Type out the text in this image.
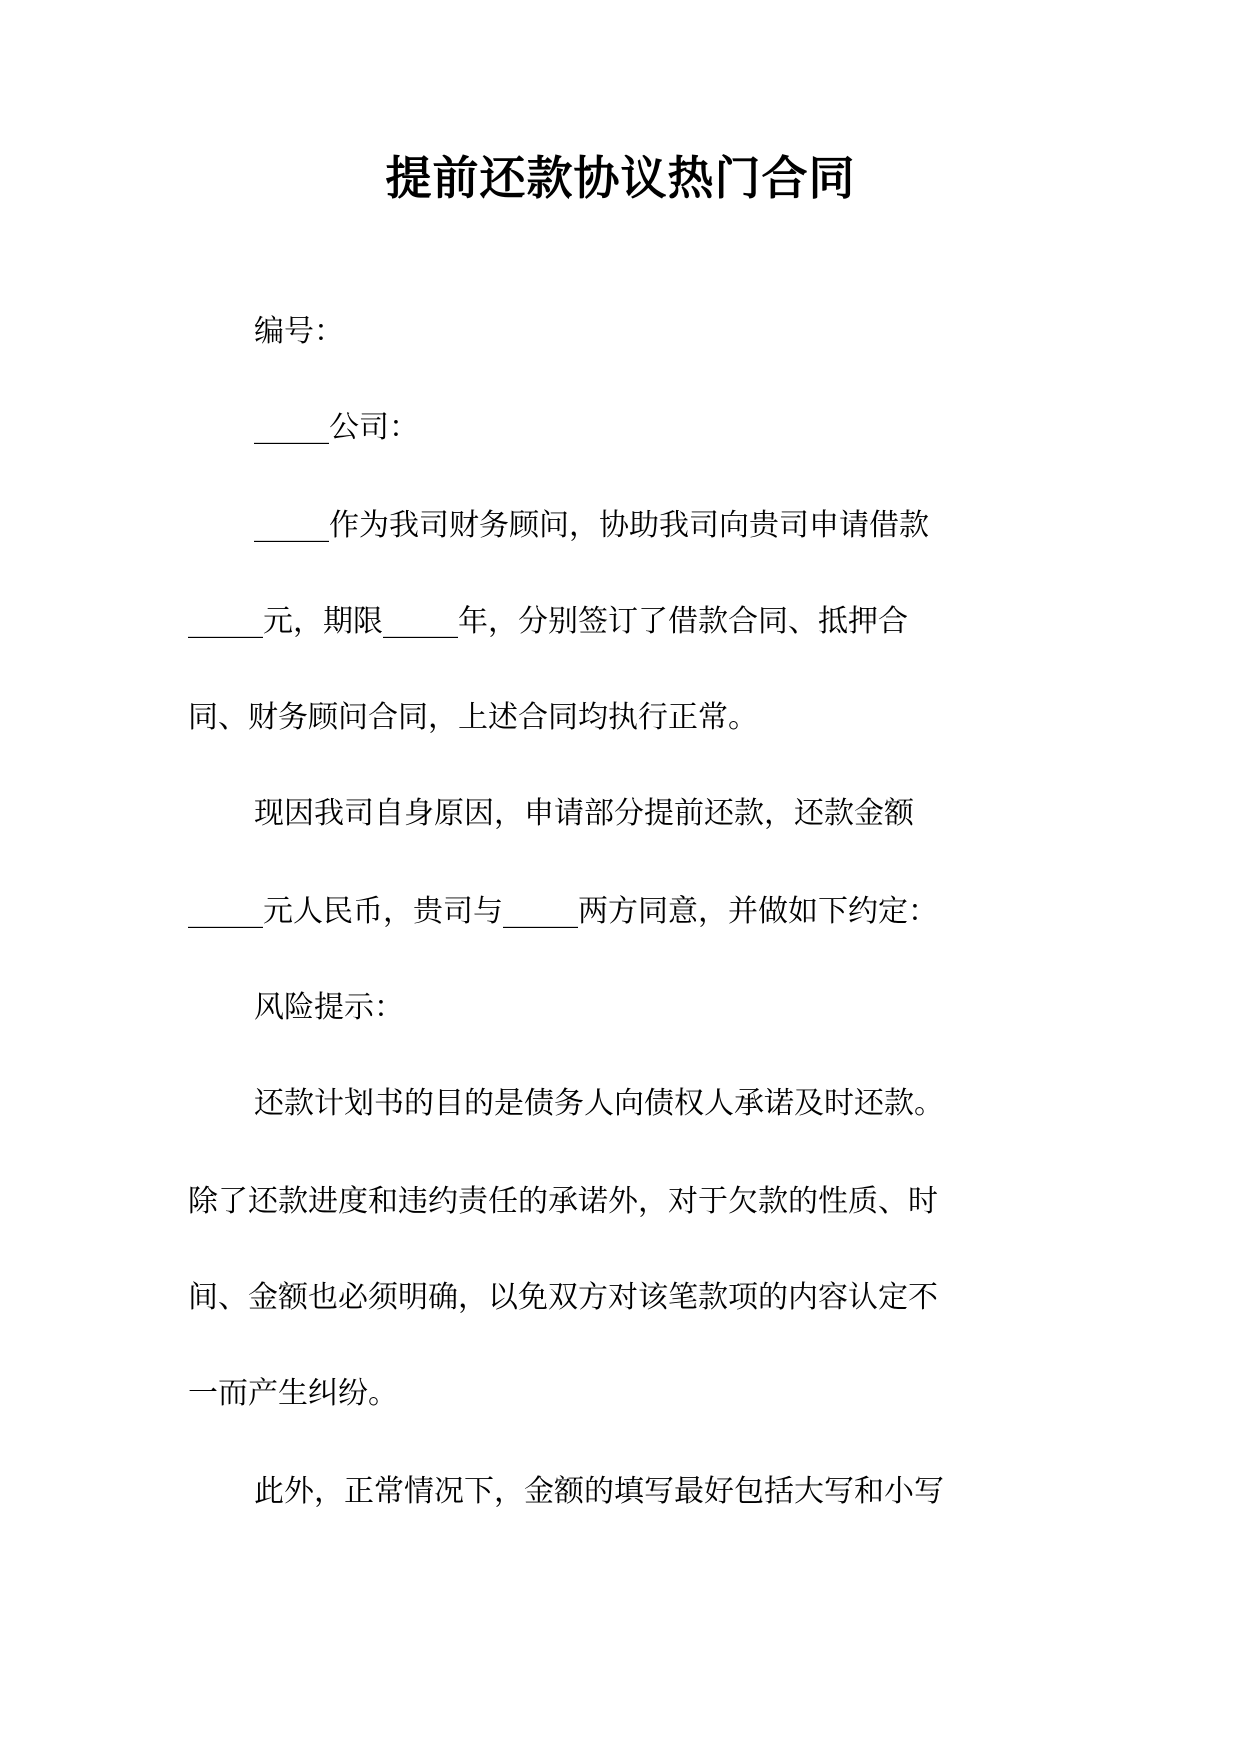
提前还款协议热门合同

编号：

_____公司：

_____作为我司财务顾问，协助我司向贵司申请借款

_____元，期限_____年，分别签订了借款合同、抵押合

同、财务顾问合同，上述合同均执行正常。

现因我司自身原因，申请部分提前还款，还款金额

_____元人民币，贵司与_____两方同意，并做如下约定：

风险提示：

还款计划书的目的是债务人向债权人承诺及时还款。

除了还款进度和违约责任的承诺外，对于欠款的性质、时

间、金额也必须明确，以免双方对该笔款项的内容认定不

一而产生纠纷。

此外，正常情况下，金额的填写最好包括大写和小写
